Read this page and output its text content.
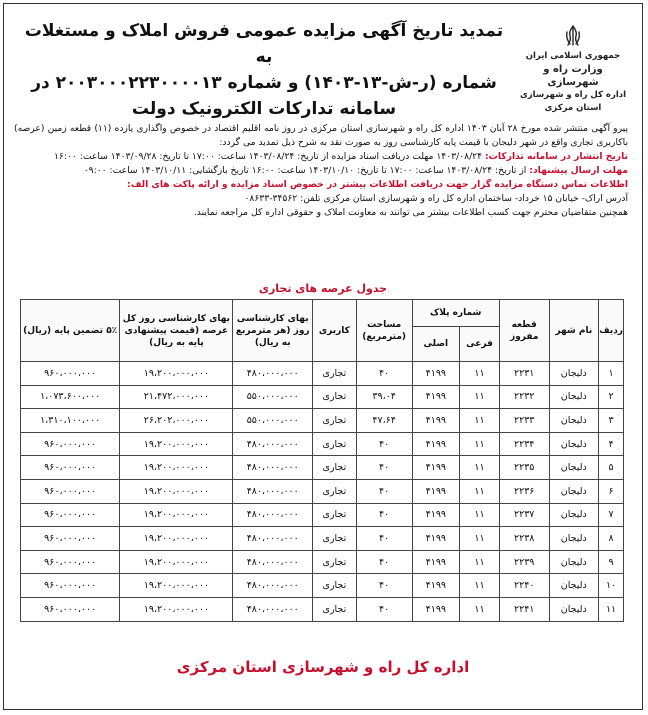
جمهوری اسلامی ایران
وزارت راه و شهرسازی
اداره کل راه و شهرسازی استان مرکزی
تمدید تاریخ آگهی مزایده عمومی فروش املاک و مستغلات به
شماره (ر-ش-۱۳-۱۴۰۳) و شماره ۲۰۰۳۰۰۰۲۲۳۰۰۰۰۱۳ در
سامانه تدارکات الکترونیک دولت

پیرو آگهی منتشر شده مورخ ۲۸ آبان ۱۴۰۳ اداره کل راه و شهرسازی استان مرکزی در روز نامه اقلیم اقتصاد در خصوص واگذاری یازده (۱۱) قطعه زمین (عرصه) باکاربری تجاری واقع در شهر دلیجان با قیمت پایه کارشناسی روز به صورت نقد به شرح ذیل تمدید می گردد:

تاریخ انتشار در سامانه تدارکات: ۱۴۰۳/۰۸/۲۴ مهلت دریافت اسناد مزایده از تاریخ: ۱۴۰۳/۰۸/۲۴ ساعت: ۱۷:۰۰ تا تاریخ: ۱۴۰۳/۰۹/۲۸ ساعت: ۱۶:۰۰

مهلت ارسال پیشنهاد: از تاریخ: ۱۴۰۳/۰۸/۲۴ ساعت: ۱۷:۰۰ تا تاریخ: ۱۴۰۳/۱۰/۱۰ ساعت: ۱۶:۰۰ تاریخ بازگشایی: ۱۴۰۳/۱۰/۱۱ ساعت: ۰۹:۰۰

اطلاعات تماس دستگاه مزایده گزار جهت دریافت اطلاعات بیشتر در خصوص اسناد مزایده و ارائه پاکت های الف:

آدرس اراک- خیابان ۱۵ خرداد- ساختمان اداره کل راه و شهرسازی استان مرکزی تلفن: ۳۴۵۶۲-۰۸۶۳۳

همچنین متقاضیان محترم جهت کسب اطلاعات بیشتر می توانند به معاونت املاک و حقوقی اداره کل مراجعه نمایند.

جدول عرصه های تجاری
ردیف	نام شهر	قطعه مفروز	شماره پلاک		مساحت (مترمربع)	کاربری	بهای کارشناسی روز (هر مترمربع به ریال)	بهای کارشناسی روز کل عرصه (قیمت پیشنهادی پایه به ریال)	۵٪ تضمین پایه (ریال)
			فرعی	اصلی					
۱	دلیجان	۲۲۳۱	۱۱	۴۱۹۹	۴۰	تجاری	۴۸۰،۰۰۰،۰۰۰	۱۹،۲۰۰،۰۰۰،۰۰۰	۹۶۰،۰۰۰،۰۰۰
۲	دلیجان	۲۲۳۲	۱۱	۴۱۹۹	۳۹،۰۴	تجاری	۵۵۰،۰۰۰،۰۰۰	۲۱،۴۷۲،۰۰۰،۰۰۰	۱،۰۷۳،۶۰۰،۰۰۰
۳	دلیجان	۲۲۳۳	۱۱	۴۱۹۹	۴۷،۶۴	تجاری	۵۵۰،۰۰۰،۰۰۰	۲۶،۲۰۲،۰۰۰،۰۰۰	۱،۳۱۰،۱۰۰،۰۰۰
۴	دلیجان	۲۲۳۴	۱۱	۴۱۹۹	۴۰	تجاری	۴۸۰،۰۰۰،۰۰۰	۱۹،۲۰۰،۰۰۰،۰۰۰	۹۶۰،۰۰۰،۰۰۰
۵	دلیجان	۲۲۳۵	۱۱	۴۱۹۹	۴۰	تجاری	۴۸۰،۰۰۰،۰۰۰	۱۹،۲۰۰،۰۰۰،۰۰۰	۹۶۰،۰۰۰،۰۰۰
۶	دلیجان	۲۲۳۶	۱۱	۴۱۹۹	۴۰	تجاری	۴۸۰،۰۰۰،۰۰۰	۱۹،۲۰۰،۰۰۰،۰۰۰	۹۶۰،۰۰۰،۰۰۰
۷	دلیجان	۲۲۳۷	۱۱	۴۱۹۹	۴۰	تجاری	۴۸۰،۰۰۰،۰۰۰	۱۹،۲۰۰،۰۰۰،۰۰۰	۹۶۰،۰۰۰،۰۰۰
۸	دلیجان	۲۲۳۸	۱۱	۴۱۹۹	۴۰	تجاری	۴۸۰،۰۰۰،۰۰۰	۱۹،۲۰۰،۰۰۰،۰۰۰	۹۶۰،۰۰۰،۰۰۰
۹	دلیجان	۲۲۳۹	۱۱	۴۱۹۹	۴۰	تجاری	۴۸۰،۰۰۰،۰۰۰	۱۹،۲۰۰،۰۰۰،۰۰۰	۹۶۰،۰۰۰،۰۰۰
۱۰	دلیجان	۲۲۴۰	۱۱	۴۱۹۹	۴۰	تجاری	۴۸۰،۰۰۰،۰۰۰	۱۹،۲۰۰،۰۰۰،۰۰۰	۹۶۰،۰۰۰،۰۰۰
۱۱	دلیجان	۲۲۴۱	۱۱	۴۱۹۹	۴۰	تجاری	۴۸۰،۰۰۰،۰۰۰	۱۹،۲۰۰،۰۰۰،۰۰۰	۹۶۰،۰۰۰،۰۰۰
اداره کل راه و شهرسازی استان مرکزی
